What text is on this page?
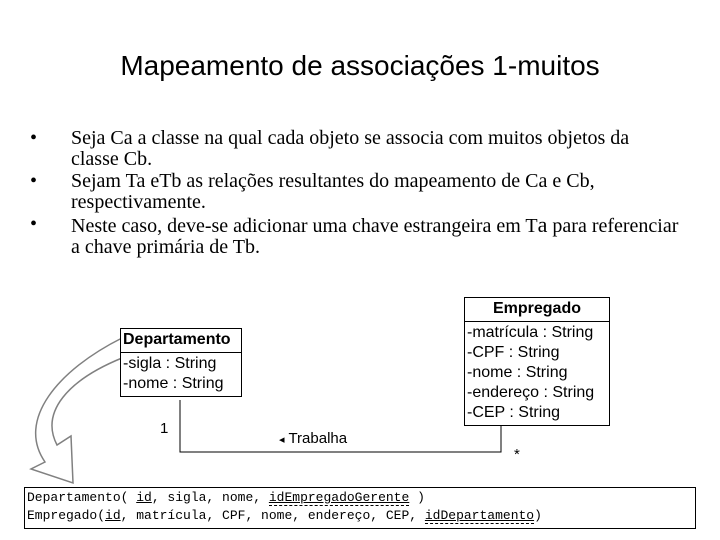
Mapeamento de associações 1-muitos
• Seja Ca a classe na qual cada objeto se associa com muitos objetos da classe Cb.
• Sejam Ta eTb as relações resultantes do mapeamento de Ca e Cb, respectivamente.
• Neste caso, deve-se adicionar uma chave estrangeira em Ta para referenciar a chave primária de Tb.
Departamento
-sigla : String
-nome : String
Empregado
-matrícula : String
-CPF : String
-nome : String
-endereço : String
-CEP : String
1
◂ Trabalha
*
Departamento( id, sigla, nome, idEmpregadoGerente )
Empregado(id, matrícula, CPF, nome, endereço, CEP, idDepartamento)
